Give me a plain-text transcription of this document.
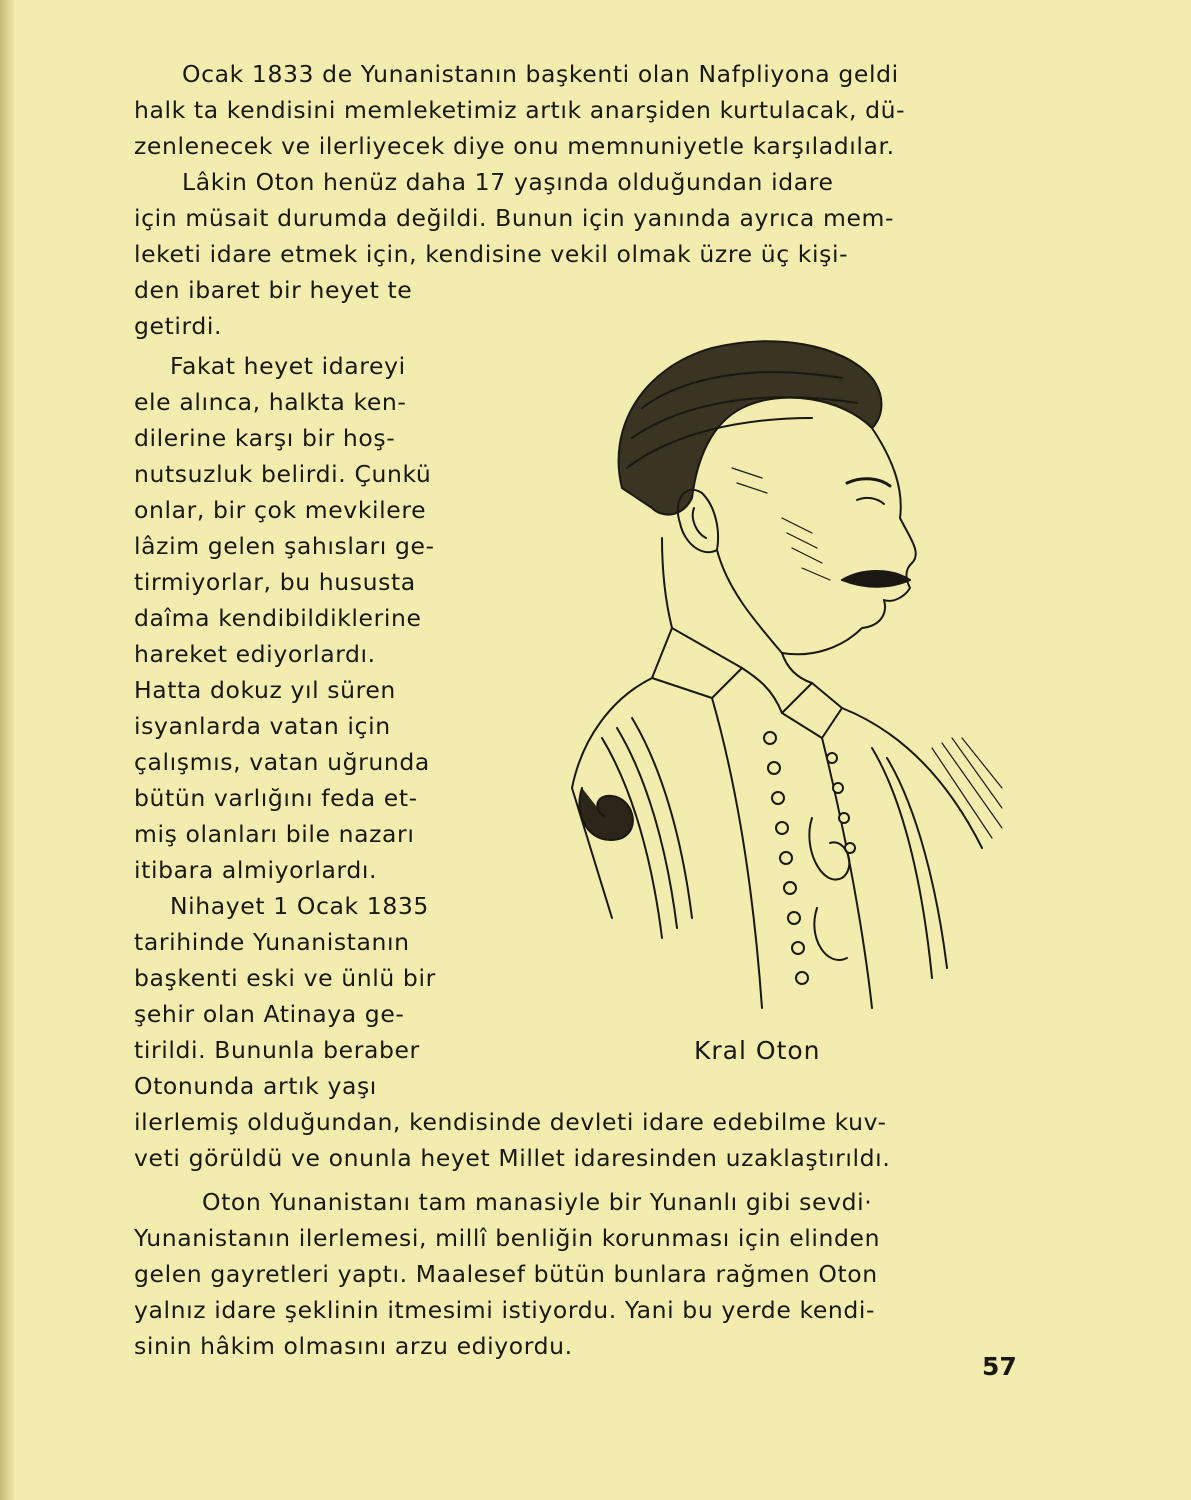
Ocak 1833 de Yunanistanın başkenti olan Nafpliyona geldi
halk ta kendisini memleketimiz artık anarşiden kurtulacak, dü-
zenlenecek ve ilerliyecek diye onu memnuniyetle karşıladılar.
Lâkin Oton henüz daha 17 yaşında olduğundan idare
için müsait durumda değildi. Bunun için yanında ayrıca mem-
leketi idare etmek için, kendisine vekil olmak üzre üç kişi-
den ibaret bir heyet te
getirdi.
Fakat heyet idareyi
ele alınca, halkta ken-
dilerine karşı bir hoş-
nutsuzluk belirdi. Çunkü
onlar, bir çok mevkilere
lâzim gelen şahısları ge-
tirmiyorlar, bu hususta
daîma kendibildiklerine
hareket ediyorlardı.
Hatta dokuz yıl süren
isyanlarda vatan için
çalışmıs, vatan uğrunda
bütün varlığını feda et-
miş olanları bile nazarı
itibara almiyorlardı.
Nihayet 1 Ocak 1835
tarihinde Yunanistanın
başkenti eski ve ünlü bir
şehir olan Atinaya ge-
tirildi. Bununla beraber
Otonunda artık yaşı
ilerlemiş olduğundan, kendisinde devleti idare edebilme kuv-
veti görüldü ve onunla heyet Millet idaresinden uzaklaştırıldı.
Oton Yunanistanı tam manasiyle bir Yunanlı gibi sevdi·
Yunanistanın ilerlemesi, millî benliğin korunması için elinden
gelen gayretleri yaptı. Maalesef bütün bunlara rağmen Oton
yalnız idare şeklinin itmesimi istiyordu. Yani bu yerde kendi-
sinin hâkim olmasını arzu ediyordu.

Kral Oton

57
